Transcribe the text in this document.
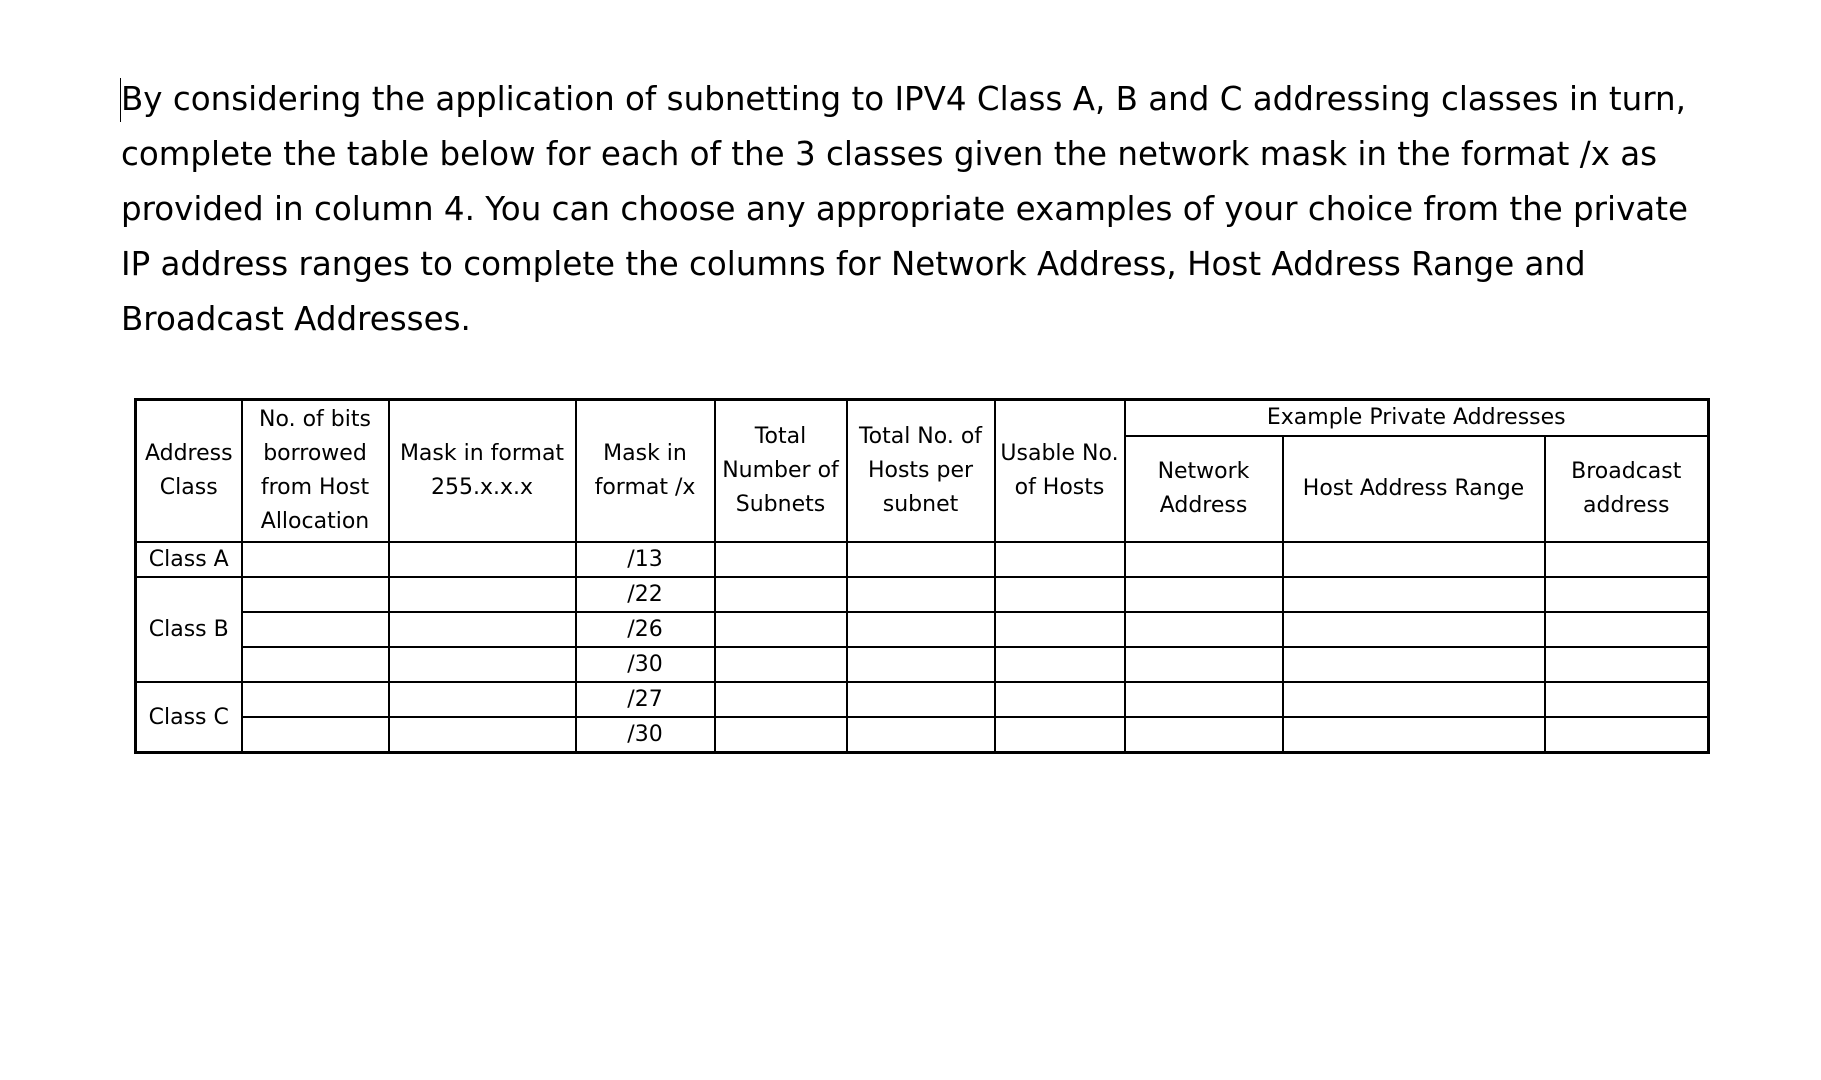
By considering the application of subnetting to IPV4 Class A, B and C addressing classes in turn, complete the table below for each of the 3 classes given the network mask in the format /x as provided in column 4. You can choose any appropriate examples of your choice from the private IP address ranges to complete the columns for Network Address, Host Address Range and Broadcast Addresses.

Address Class	No. of bits borrowed from Host Allocation	Mask in format 255.x.x.x	Mask in format /x	Total Number of Subnets	Total No. of Hosts per subnet	Usable No. of Hosts	Example Private Addresses		
							Network Address	Host Address Range	Broadcast address
Class A			/13						
Class B			/22						
			/26						
			/30						
Class C			/27						
			/30						
